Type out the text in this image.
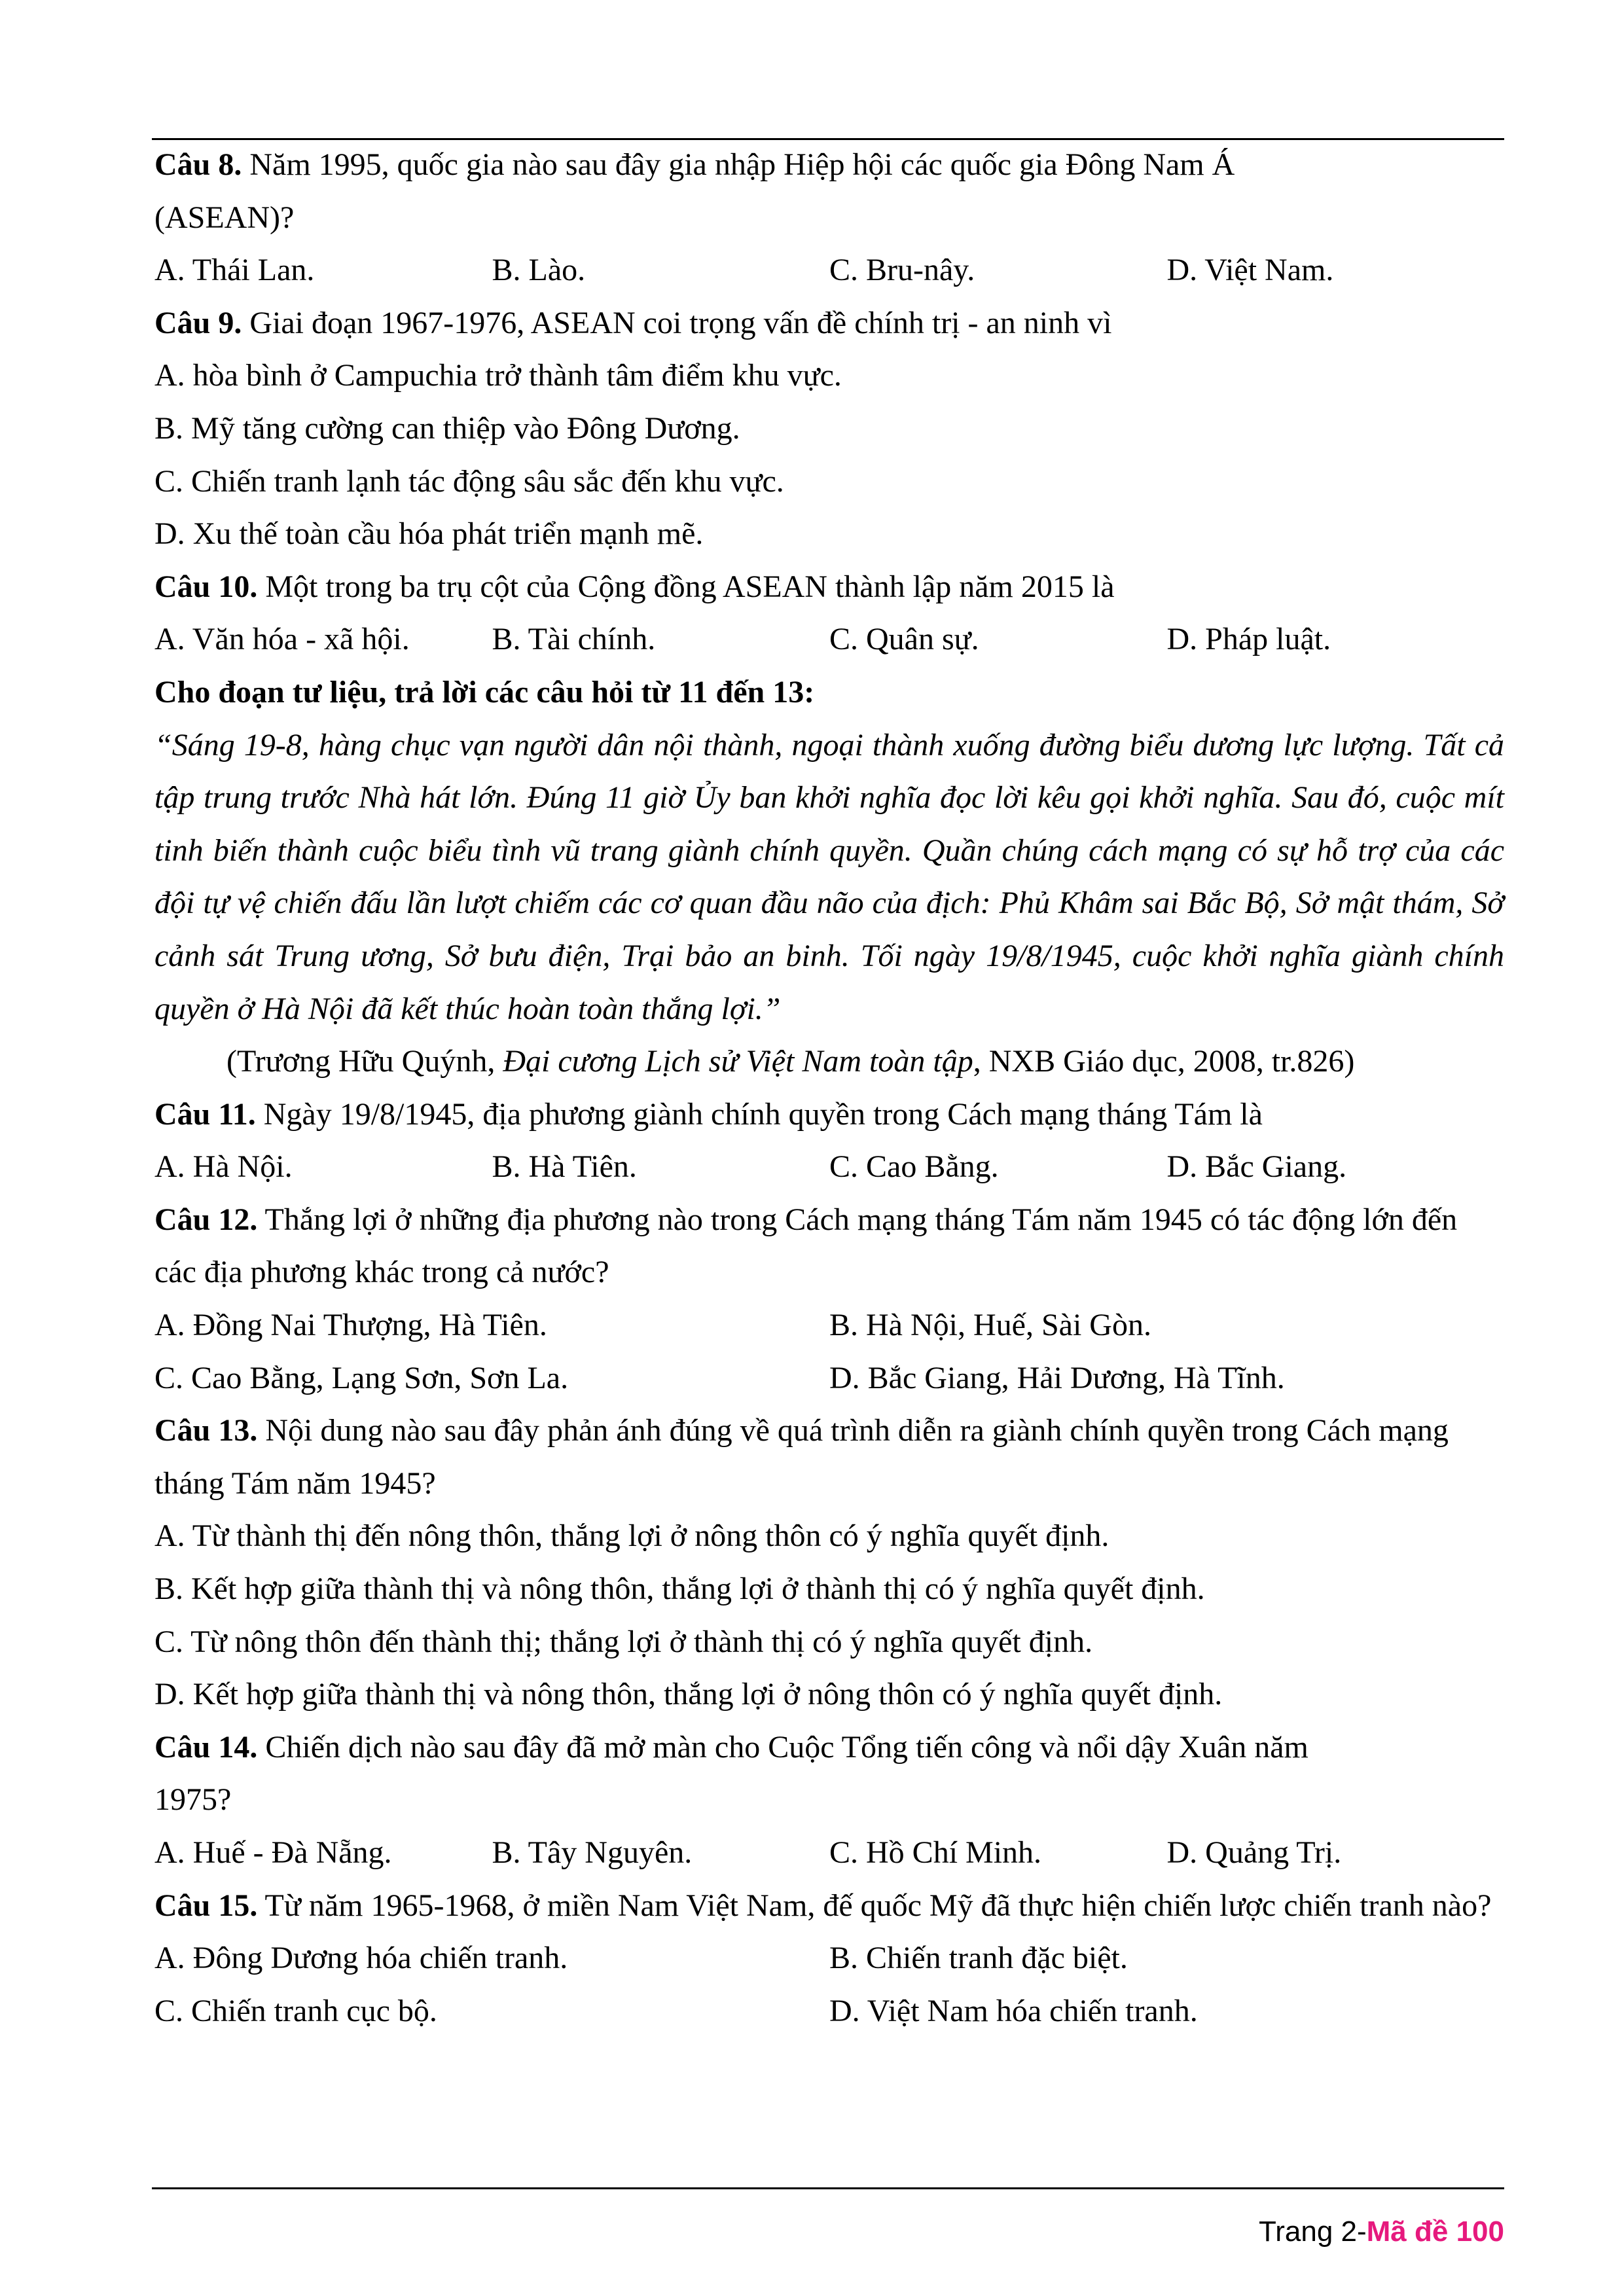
Câu 8. Năm 1995, quốc gia nào sau đây gia nhập Hiệp hội các quốc gia Đông Nam Á
(ASEAN)?
A. Thái Lan.	B. Lào.	C. Bru-nây.	D. Việt Nam.
Câu 9. Giai đoạn 1967-1976, ASEAN coi trọng vấn đề chính trị - an ninh vì
A. hòa bình ở Campuchia trở thành tâm điểm khu vực.
B. Mỹ tăng cường can thiệp vào Đông Dương.
C. Chiến tranh lạnh tác động sâu sắc đến khu vực.
D. Xu thế toàn cầu hóa phát triển mạnh mẽ.
Câu 10. Một trong ba trụ cột của Cộng đồng ASEAN thành lập năm 2015 là
A. Văn hóa - xã hội.	B. Tài chính.	C. Quân sự.	D. Pháp luật.
Cho đoạn tư liệu, trả lời các câu hỏi từ 11 đến 13:
“Sáng 19-8, hàng chục vạn người dân nội thành, ngoại thành xuống đường biểu dương lực lượng. Tất cả tập trung trước Nhà hát lớn. Đúng 11 giờ Ủy ban khởi nghĩa đọc lời kêu gọi khởi nghĩa. Sau đó, cuộc mít tinh biến thành cuộc biểu tình vũ trang giành chính quyền. Quần chúng cách mạng có sự hỗ trợ của các đội tự vệ chiến đấu lần lượt chiếm các cơ quan đầu não của địch: Phủ Khâm sai Bắc Bộ, Sở mật thám, Sở cảnh sát Trung ương, Sở bưu điện, Trại bảo an binh. Tối ngày 19/8/1945, cuộc khởi nghĩa giành chính quyền ở Hà Nội đã kết thúc hoàn toàn thắng lợi.”
(Trương Hữu Quýnh, Đại cương Lịch sử Việt Nam toàn tập, NXB Giáo dục, 2008, tr.826)
Câu 11. Ngày 19/8/1945, địa phương giành chính quyền trong Cách mạng tháng Tám là
A. Hà Nội.	B. Hà Tiên.	C. Cao Bằng.	D. Bắc Giang.
Câu 12. Thắng lợi ở những địa phương nào trong Cách mạng tháng Tám năm 1945 có tác động lớn đến các địa phương khác trong cả nước?
A. Đồng Nai Thượng, Hà Tiên.	B. Hà Nội, Huế, Sài Gòn.
C. Cao Bằng, Lạng Sơn, Sơn La.	D. Bắc Giang, Hải Dương, Hà Tĩnh.
Câu 13. Nội dung nào sau đây phản ánh đúng về quá trình diễn ra giành chính quyền trong Cách mạng tháng Tám năm 1945?
A. Từ thành thị đến nông thôn, thắng lợi ở nông thôn có ý nghĩa quyết định.
B. Kết hợp giữa thành thị và nông thôn, thắng lợi ở thành thị có ý nghĩa quyết định.
C. Từ nông thôn đến thành thị; thắng lợi ở thành thị có ý nghĩa quyết định.
D. Kết hợp giữa thành thị và nông thôn, thắng lợi ở nông thôn có ý nghĩa quyết định.
Câu 14. Chiến dịch nào sau đây đã mở màn cho Cuộc Tổng tiến công và nổi dậy Xuân năm
1975?
A. Huế - Đà Nẵng.	B. Tây Nguyên.	C. Hồ Chí Minh.	D. Quảng Trị.
Câu 15. Từ năm 1965-1968, ở miền Nam Việt Nam, đế quốc Mỹ đã thực hiện chiến lược chiến tranh nào?
A. Đông Dương hóa chiến tranh.	B. Chiến tranh đặc biệt.
C. Chiến tranh cục bộ.	D. Việt Nam hóa chiến tranh.
Trang 2-Mã đề 100
